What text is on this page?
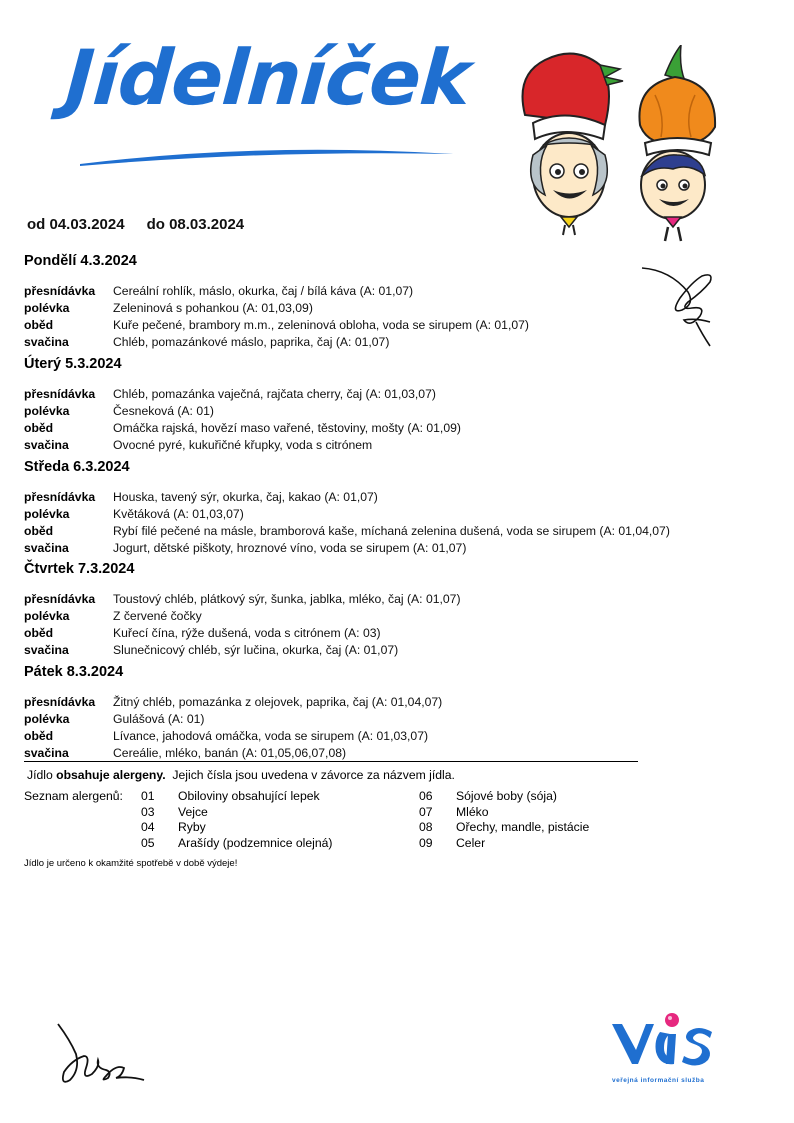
Jídelníček
od 04.03.2024 do 08.03.2024
Pondělí 4.3.2024
přesnídávka	Cereální rohlík, máslo, okurka, čaj / bílá káva (A: 01,07)
polévka	Zeleninová s pohankou (A: 01,03,09)
oběd	Kuře pečené, brambory m.m., zeleninová obloha, voda se sirupem (A: 01,07)
svačina	Chléb, pomazánkové máslo, paprika, čaj (A: 01,07)
Úterý 5.3.2024
přesnídávka	Chléb, pomazánka vaječná, rajčata cherry, čaj (A: 01,03,07)
polévka	Česneková (A: 01)
oběd	Omáčka rajská, hovězí maso vařené, těstoviny, mošty (A: 01,09)
svačina	Ovocné pyré, kukuřičné křupky, voda s citrónem
Středa 6.3.2024
přesnídávka	Houska, tavený sýr, okurka, čaj, kakao (A: 01,07)
polévka	Květáková (A: 01,03,07)
oběd	Rybí filé pečené na másle, bramborová kaše, míchaná zelenina dušená, voda se sirupem (A: 01,04,07)
svačina	Jogurt, dětské piškoty, hroznové víno, voda se sirupem (A: 01,07)
Čtvrtek 7.3.2024
přesnídávka	Toustový chléb, plátkový sýr, šunka, jablka, mléko, čaj (A: 01,07)
polévka	Z červené čočky
oběd	Kuřecí čína, rýže dušená, voda s citrónem (A: 03)
svačina	Slunečnicový chléb, sýr lučina, okurka, čaj (A: 01,07)
Pátek 8.3.2024
přesnídávka	Žitný chléb, pomazánka z olejovek, paprika, čaj (A: 01,04,07)
polévka	Gulášová (A: 01)
oběd	Lívance, jahodová omáčka, voda se sirupem (A: 01,03,07)
svačina	Cereálie, mléko, banán (A: 01,05,06,07,08)
Jídlo obsahuje alergeny.  Jejich čísla jsou uvedena v závorce za názvem jídla.
Seznam alergenů: 01	Obiloviny obsahující lepek
03	Vejce
04	Ryby
05	Arašídy (podzemnice olejná)
06	Sójové boby (sója)
07	Mléko
08	Ořechy, mandle, pistácie
09	Celer
Jídlo je určeno k okamžité spotřebě v době výdeje!
veřejná informační služba
